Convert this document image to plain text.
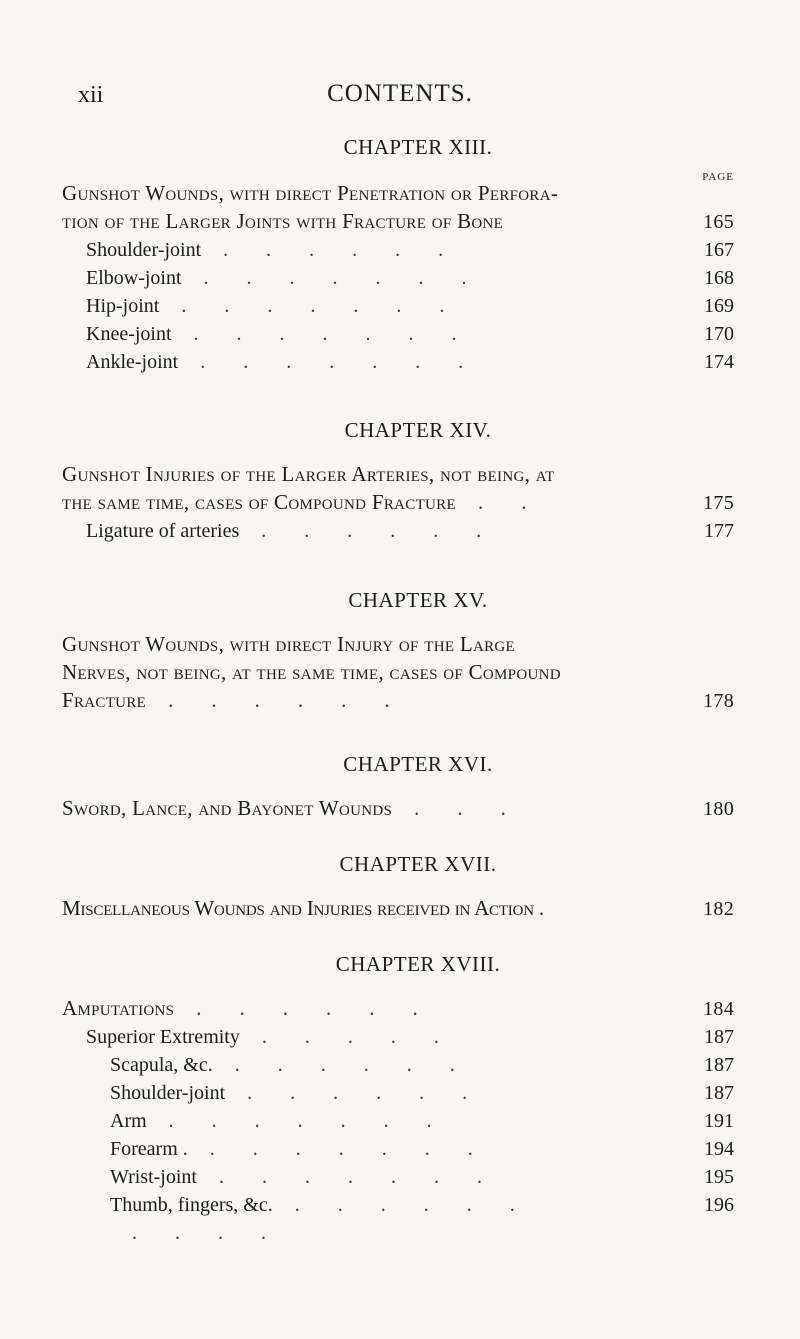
xii	CONTENTS.

CHAPTER XIII.

PAGE
Gunshot Wounds, with direct Penetration or Perfora-
tion of the Larger Joints with Fracture of Bone	165
Shoulder-joint	......	167
Elbow-joint	.......	168
Hip-joint	.......	169
Knee-joint	.......	170
Ankle-joint	.......	174

CHAPTER XIV.

Gunshot Injuries of the Larger Arteries, not being, at
the same time, cases of Compound Fracture	..	175
Ligature of arteries	......	177

CHAPTER XV.

Gunshot Wounds, with direct Injury of the Large
Nerves, not being, at the same time, cases of Compound
Fracture	......	178

CHAPTER XVI.

Sword, Lance, and Bayonet Wounds	...	180

CHAPTER XVII.

Miscellaneous Wounds and Injuries received in Action .	182

CHAPTER XVIII.

Amputations	......	184
Superior Extremity	.....	187
Scapula, &c.	......	187
Shoulder-joint	......	187
Arm	.......	191
Forearm .	.......	194
Wrist-joint	.......	195
Thumb, fingers, &c.	......	196
....
